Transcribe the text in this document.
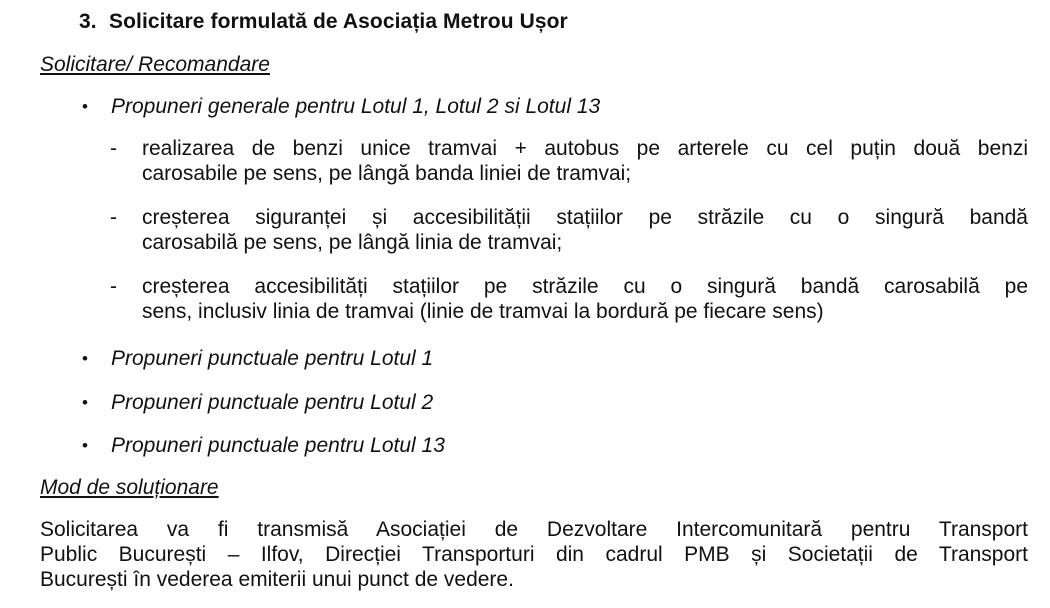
3. Solicitare formulată de Asociația Metrou Ușor
Solicitare/ Recomandare
• Propuneri generale pentru Lotul 1, Lotul 2 si Lotul 13
- realizarea de benzi unice tramvai + autobus pe arterele cu cel puțin două benzi
carosabile pe sens, pe lângă banda liniei de tramvai;
- creșterea siguranței și accesibilității stațiilor pe străzile cu o singură bandă
carosabilă pe sens, pe lângă linia de tramvai;
- creșterea accesibilități stațiilor pe străzile cu o singură bandă carosabilă pe
sens, inclusiv linia de tramvai (linie de tramvai la bordură pe fiecare sens)
• Propuneri punctuale pentru Lotul 1
• Propuneri punctuale pentru Lotul 2
• Propuneri punctuale pentru Lotul 13
Mod de soluționare
Solicitarea va fi transmisă Asociației de Dezvoltare Intercomunitară pentru Transport
Public București – Ilfov, Direcției Transporturi din cadrul PMB și Societații de Transport
București în vederea emiterii unui punct de vedere.
